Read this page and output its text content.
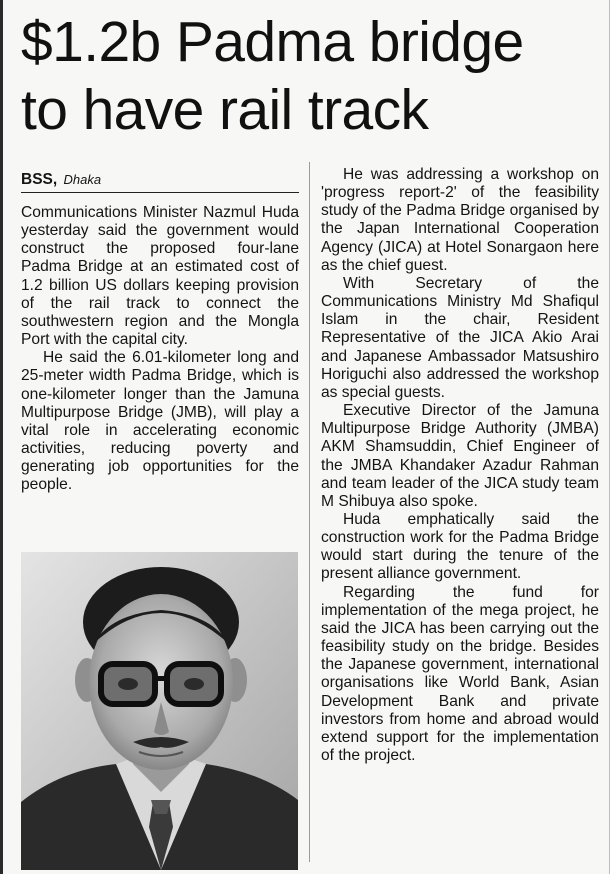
$1.2b Padma bridge
to have rail track
BSS, Dhaka

Communications Minister Nazmul Huda yesterday said the government would construct the proposed four-lane Padma Bridge at an estimated cost of 1.2 billion US dollars keeping provision of the rail track to connect the southwestern region and the Mongla Port with the capital city.

He said the 6.01-kilometer long and 25-meter width Padma Bridge, which is one-kilometer longer than the Jamuna Multipurpose Bridge (JMB), will play a vital role in accelerating economic activities, reducing poverty and generating job opportunities for the people.

He was addressing a workshop on 'progress report-2' of the feasibility study of the Padma Bridge organised by the Japan International Cooperation Agency (JICA) at Hotel Sonargaon here as the chief guest.

With Secretary of the Communications Ministry Md Shafiqul Islam in the chair, Resident Representative of the JICA Akio Arai and Japanese Ambassador Matsushiro Horiguchi also addressed the workshop as special guests.

Executive Director of the Jamuna Multipurpose Bridge Authority (JMBA) AKM Shamsuddin, Chief Engineer of the JMBA Khandaker Azadur Rahman and team leader of the JICA study team M Shibuya also spoke.

Huda emphatically said the construction work for the Padma Bridge would start during the tenure of the present alliance government.

Regarding the fund for implementation of the mega project, he said the JICA has been carrying out the feasibility study on the bridge. Besides the Japanese government, international organisations like World Bank, Asian Development Bank and private investors from home and abroad would extend support for the implementation of the project.
